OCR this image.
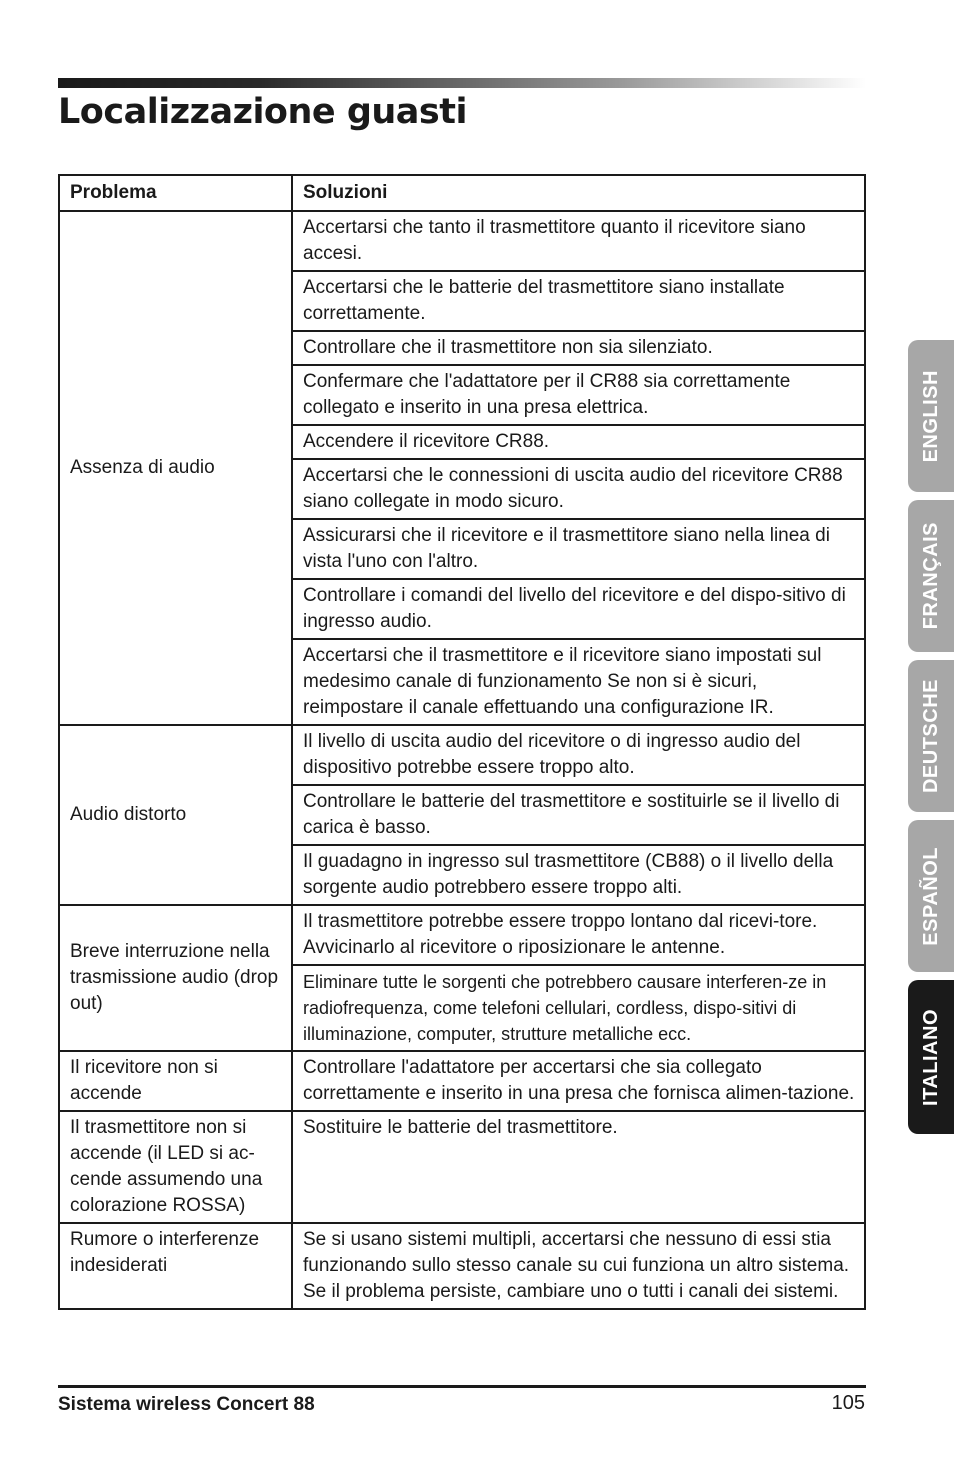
Localizzazione guasti
Problema	Soluzioni
Assenza di audio	Accertarsi che tanto il trasmettitore quanto il ricevitore siano accesi.
	Accertarsi che le batterie del trasmettitore siano installate correttamente.
	Controllare che il trasmettitore non sia silenziato.
	Confermare che l'adattatore per il CR88 sia correttamente collegato e inserito in una presa elettrica.
	Accendere il ricevitore CR88.
	Accertarsi che le connessioni di uscita audio del ricevitore CR88 siano collegate in modo sicuro.
	Assicurarsi che il ricevitore e il trasmettitore siano nella linea di vista l'uno con l'altro.
	Controllare i comandi del livello del ricevitore e del dispo-sitivo di ingresso audio.
	Accertarsi che il trasmettitore e il ricevitore siano impostati sul medesimo canale di funzionamento Se non si è sicuri, reimpostare il canale effettuando una configurazione IR.
Audio distorto	Il livello di uscita audio del ricevitore o di ingresso audio del dispositivo potrebbe essere troppo alto.
	Controllare le batterie del trasmettitore e sostituirle se il livello di carica è basso.
	Il guadagno in ingresso sul trasmettitore (CB88) o il livello della sorgente audio potrebbero essere troppo alti.
Breve interruzione nella trasmissione audio (drop out)	Il trasmettitore potrebbe essere troppo lontano dal ricevi-tore. Avvicinarlo al ricevitore o riposizionare le antenne.
	Eliminare tutte le sorgenti che potrebbero causare interferen-ze in radiofrequenza, come telefoni cellulari, cordless, dispo-sitivi di illuminazione, computer, strutture metalliche ecc.
Il ricevitore non si accende	Controllare l'adattatore per accertarsi che sia collegato correttamente e inserito in una presa che fornisca alimen-tazione.
Il trasmettitore non si accende (il LED si ac-cende assumendo una colorazione ROSSA)	Sostituire le batterie del trasmettitore.
Rumore o interferenze indesiderati	Se si usano sistemi multipli, accertarsi che nessuno di essi stia funzionando sullo stesso canale su cui funziona un altro sistema. Se il problema persiste, cambiare uno o tutti i canali dei sistemi.
Sistema wireless Concert 88	105
ENGLISH
FRANÇAIS
DEUTSCHE
ESPAÑOL
ITALIANO
